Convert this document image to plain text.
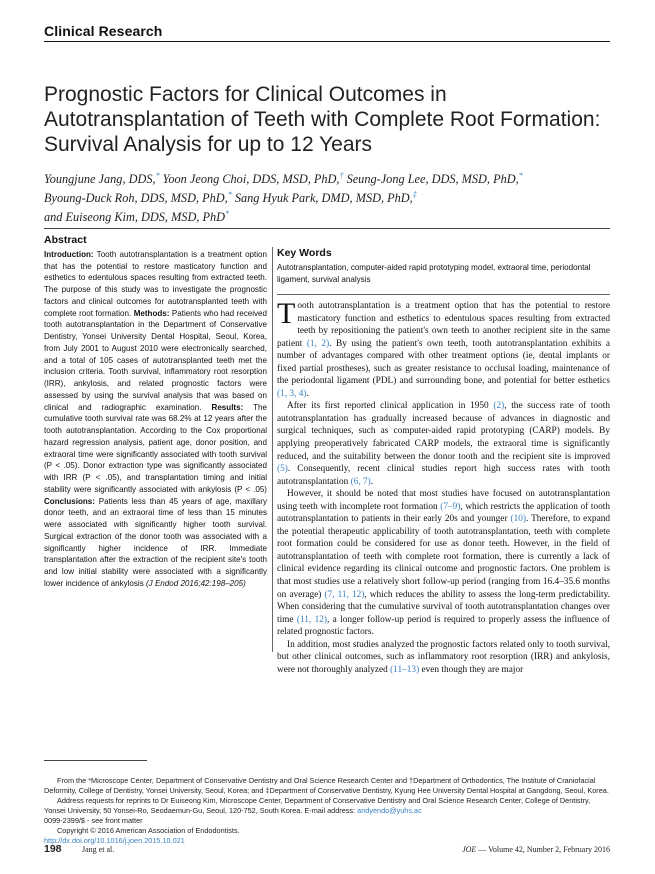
Clinical Research
Prognostic Factors for Clinical Outcomes in Autotransplantation of Teeth with Complete Root Formation: Survival Analysis for up to 12 Years
Youngjune Jang, DDS,* Yoon Jeong Choi, DDS, MSD, PhD,† Seung-Jong Lee, DDS, MSD, PhD,*
Byoung-Duck Roh, DDS, MSD, PhD,* Sang Hyuk Park, DMD, MSD, PhD,‡
and Euiseong Kim, DDS, MSD, PhD*
Abstract

Introduction: Tooth autotransplantation is a treatment option that has the potential to restore masticatory function and esthetics to edentulous spaces resulting from extracted teeth. The purpose of this study was to investigate the prognostic factors and clinical outcomes for autotransplanted teeth with complete root formation. Methods: Patients who had received tooth autotransplantation in the Department of Conservative Dentistry, Yonsei University Dental Hospital, Seoul, Korea, from July 2001 to August 2010 were electronically searched, and a total of 105 cases of autotransplanted teeth met the inclusion criteria. Tooth survival, inflammatory root resorption (IRR), ankylosis, and related prognostic factors were assessed by using the survival analysis that was based on clinical and radiographic examination. Results: The cumulative tooth survival rate was 68.2% at 12 years after the tooth autotransplantation. According to the Cox proportional hazard regression analysis, patient age, donor position, and extraoral time were significantly associated with tooth survival (P < .05). Donor extraction type was significantly associated with IRR (P < .05), and transplantation timing and initial stability were significantly associated with ankylosis (P < .05) Conclusions: Patients less than 45 years of age, maxillary donor teeth, and an extraoral time of less than 15 minutes were associated with significantly higher tooth survival. Surgical extraction of the donor tooth was associated with a significantly higher incidence of IRR. Immediate transplantation after the extraction of the recipient site's tooth and low initial stability were associated with a significantly lower incidence of ankylosis (J Endod 2016;42:198–205)

Key Words

Autotransplantation, computer-aided rapid prototyping model, extraoral time, periodontal ligament, survival analysis

Tooth autotransplantation is a treatment option that has the potential to restore masticatory function and esthetics to edentulous spaces resulting from extracted teeth by repositioning the patient's own teeth to another recipient site in the same patient (1, 2). By using the patient's own teeth, tooth autotransplantation exhibits a number of advantages compared with other treatment options (ie, dental implants or fixed partial prostheses), such as greater resistance to occlusal loading, maintenance of the periodontal ligament (PDL) and surrounding bone, and potential for better esthetics (1, 3, 4).

After its first reported clinical application in 1950 (2), the success rate of tooth autotransplantation has gradually increased because of advances in diagnostic and surgical techniques, such as computer-aided rapid prototyping (CARP) models. By applying preoperatively fabricated CARP models, the extraoral time is significantly reduced, and the suitability between the donor tooth and the recipient site is improved (5). Consequently, recent clinical studies report high success rates with tooth autotransplantation (6, 7).

However, it should be noted that most studies have focused on autotransplantation using teeth with incomplete root formation (7–9), which restricts the application of tooth autotransplantation to patients in their early 20s and younger (10). Therefore, to expand the potential therapeutic applicability of tooth autotransplantation, teeth with complete root formation could be considered for use as donor teeth. However, in the field of autotransplantation of teeth with complete root formation, there is currently a lack of clinical evidence regarding its clinical outcome and prognostic factors. One problem is that most studies use a relatively short follow-up period (ranging from 16.4–35.6 months on average) (7, 11, 12), which reduces the ability to assess the long-term predictability. When considering that the cumulative survival of tooth autotransplantation changes over time (11, 12), a longer follow-up period is required to properly assess the influence of related prognostic factors.

In addition, most studies analyzed the prognostic factors related only to tooth survival, but other clinical outcomes, such as inflammatory root resorption (IRR) and ankylosis, were not thoroughly analyzed (11–13) even though they are major

From the *Microscope Center, Department of Conservative Dentistry and Oral Science Research Center and †Department of Orthodontics, The Institute of Craniofacial Deformity, College of Dentistry, Yonsei University, Seoul, Korea; and ‡Department of Conservative Dentistry, Kyung Hee University Dental Hospital at Gangdong, Seoul, Korea.

Address requests for reprints to Dr Euiseong Kim, Microscope Center, Department of Conservative Dentistry and Oral Science Research Center, College of Dentistry, Yonsei University, 50 Yonsei-Ro, Seodaemun-Gu, Seoul, 120-752, South Korea. E-mail address: andyendo@yuhs.ac

0099-2399/$ - see front matter

Copyright © 2016 American Association of Endodontists.

http://dx.doi.org/10.1016/j.joen.2015.10.021

198	Jang et al.	JOE — Volume 42, Number 2, February 2016
